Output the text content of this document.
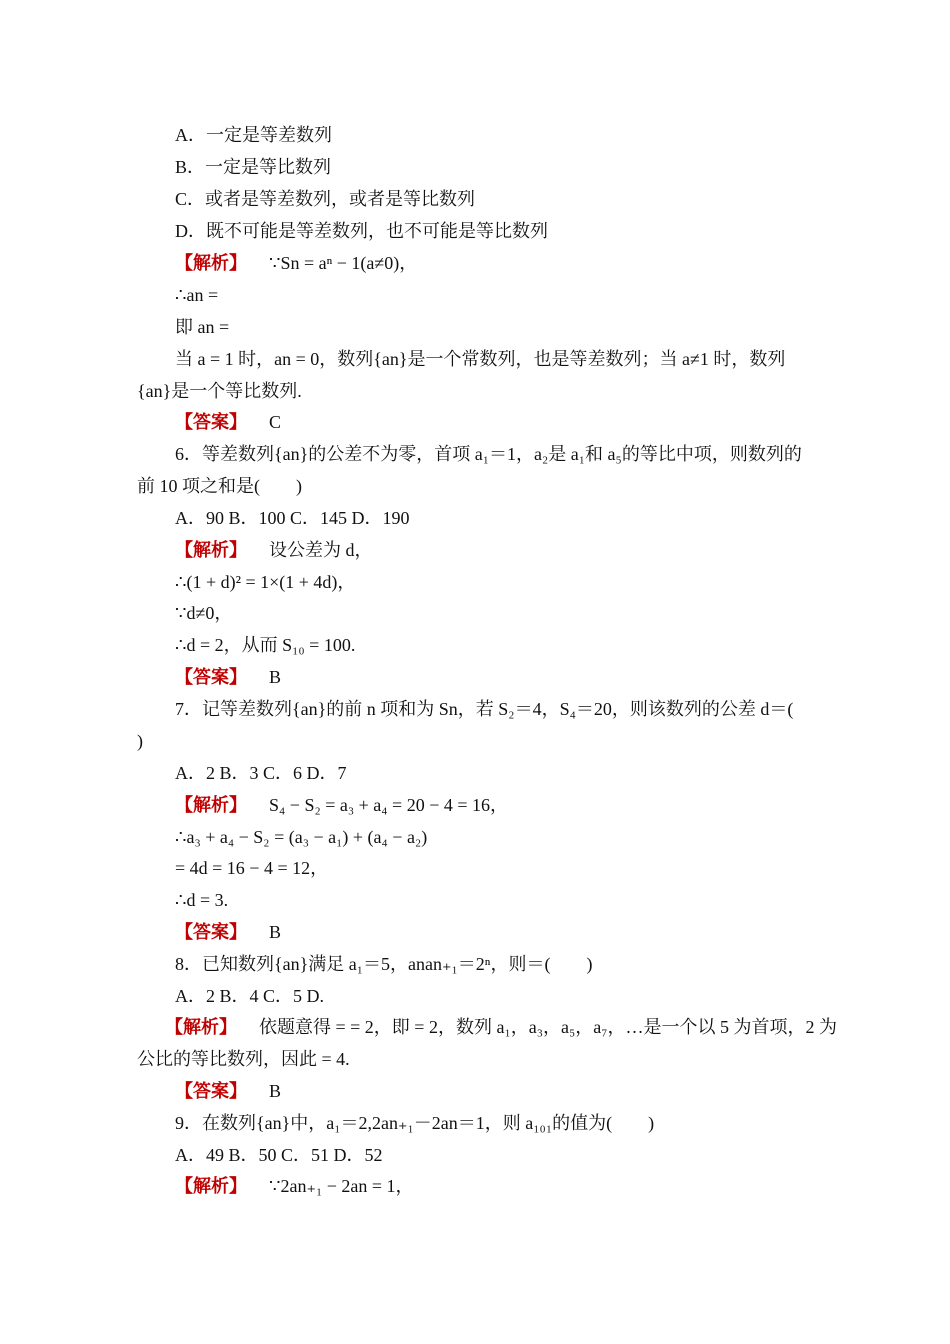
A．一定是等差数列
B．一定是等比数列
C．或者是等差数列，或者是等比数列
D．既不可能是等差数列，也不可能是等比数列
【解析】 ∵Sn = aⁿ − 1(a≠0)，
∴an =
即 an =
当 a = 1 时，an = 0，数列{an}是一个常数列，也是等差数列；当 a≠1 时，数列
{an}是一个等比数列.
【答案】 C
6．等差数列{an}的公差不为零，首项 a₁＝1，a₂是 a₁和 a₅的等比中项，则数列的
前 10 项之和是(　　)
A．90 B．100 C．145 D．190
【解析】 设公差为 d，
∴(1 + d)² = 1×(1 + 4d)，
∵d≠0，
∴d = 2，从而 S₁₀ = 100.
【答案】 B
7．记等差数列{an}的前 n 项和为 Sn，若 S₂＝4，S₄＝20，则该数列的公差 d＝(
)
A．2 B．3 C．6 D．7
【解析】 S₄ − S₂ = a₃ + a₄ = 20 − 4 = 16，
∴a₃ + a₄ − S₂ = (a₃ − a₁) + (a₄ − a₂)
= 4d = 16 − 4 = 12，
∴d = 3.
【答案】 B
8．已知数列{an}满足 a₁＝5，anan₊₁＝2ⁿ，则＝(　　)
A．2 B．4 C．5 D.
【解析】 依题意得 = = 2，即 = 2，数列 a₁，a₃，a₅，a₇，…是一个以 5 为首项，2 为
公比的等比数列，因此 = 4.
【答案】 B
9．在数列{an}中，a₁＝2,2an₊₁－2an＝1，则 a₁₀₁的值为(　　)
A．49 B．50 C．51 D．52
【解析】 ∵2an₊₁ − 2an = 1，
